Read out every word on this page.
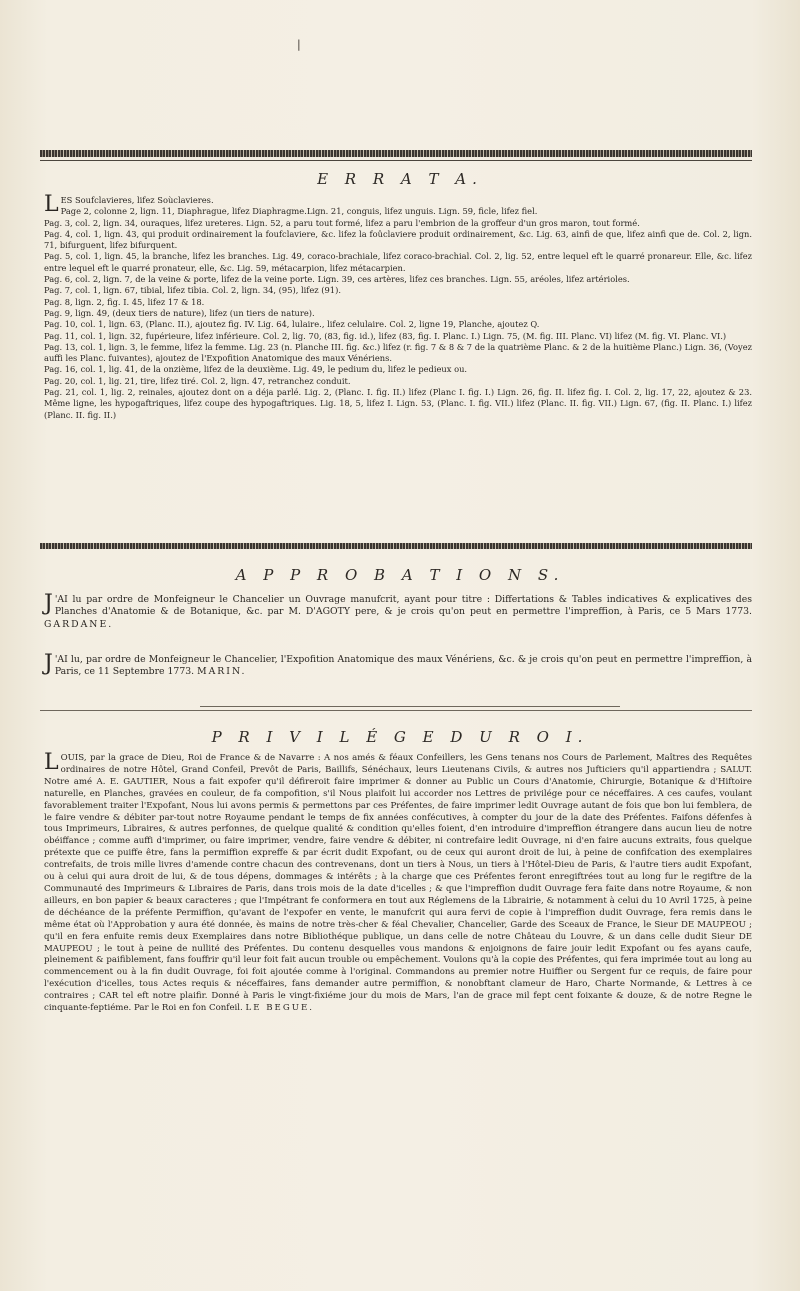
|
E R R A T A.
LES Soufclavieres, lifez Soùclavieres.
Page 2, colonne 2, lign. 11, Diaphrague, lifez Diaphragme.Lign. 21, conguis, lifez unguis. Lign. 59, ficle, lifez fiel.
Pag. 3, col. 2, lign. 34, ouraques, lifez ureteres. Lign. 52, a paru tout formé, lifez a paru l'embrion de la groffeur d'un gros maron, tout formé.
Pag. 4, col. 1, lign. 43, qui produit ordinairement la foufclaviere, &c. lifez la foûclaviere produit ordinairement, &c. Lig. 63, ainfi de que, lifez ainfi que de. Col. 2, lign. 71, bifurguent, lifez bifurquent.
Pag. 5, col. 1, lign. 45, la branche, lifez les branches. Lig. 49, coraco-brachiale, lifez coraco-brachial. Col. 2, lig. 52, entre lequel eft le quarré pronareur. Elle, &c. lifez entre lequel eft le quarré pronateur, elle, &c. Lig. 59, métacarpion, lifez métacarpien.
Pag. 6, col. 2, lign. 7, de la veine & porte, lifez de la veine porte. Lign. 39, ces artères, lifez ces branches. Lign. 55, aréoles, lifez artérioles.
Pag. 7, col. 1, lign. 67, tibial, lifez tibia. Col. 2, lign. 34, (95), lifez (91).
Pag. 8, lign. 2, fig. I. 45, lifez 17 & 18.
Pag. 9, lign. 49, (deux tiers de nature), lifez (un tiers de nature).
Pag. 10, col. 1, lign. 63, (Planc. II.), ajoutez fig. IV. Lig. 64, lulaire., lifez celulaire. Col. 2, ligne 19, Planche, ajoutez Q.
Pag. 11, col. 1, lign. 32, fupérieure, lifez inférieure. Col. 2, lig. 70, (83, fig. id.), lifez (83, fig. I. Planc. I.) Lign. 75, (M. fig. III. Planc. VI) lifez (M. fig. VI. Planc. VI.)
Pag. 13, col. 1, lign. 3, le femme, lifez la femme. Lig. 23 (n. Planche III. fig. &c.) lifez (r. fig. 7 & 8 & 7 de la quatrième Planc. & 2 de la huitième Planc.) Lign. 36, (Voyez auffi les Planc. fuivantes), ajoutez de l'Expofition Anatomique des maux Vénériens.
Pag. 16, col. 1, lig. 41, de la onzième, lifez de la deuxième. Lig. 49, le pedium du, lifez le pedieux ou.
Pag. 20, col. 1, lig. 21, tire, lifez tiré. Col. 2, lign. 47, retranchez conduit.
Pag. 21, col. 1, lig. 2, reinales, ajoutez dont on a déja parlé. Lig. 2, (Planc. I. fig. II.) lifez (Planc I. fig. I.) Lign. 26, fig. II. lifez fig. I. Col. 2, lig. 17, 22, ajoutez & 23. Même ligne, les hypogaftriques, lifez coupe des hypogaftriques. Lig. 18, 5, lifez I. Lign. 53, (Planc. I. fig. VII.) lifez (Planc. II. fig. VII.) Lign. 67, (fig. II. Planc. I.) lifez (Planc. II. fig. II.)
A P P R O B A T I O N S.
J 'AI lu par ordre de Monfeigneur le Chancelier un Ouvrage manufcrit, ayant pour titre : Differtations & Tables indicatives & explicatives des Planches d'Anatomie & de Botanique, &c. par M. D'AGOTY pere, & je crois qu'on peut en permettre l'impreffion, à Paris, ce 5 Mars 1773. GARDANE.
J 'AI lu, par ordre de Monfeigneur le Chancelier, l'Expofition Anatomique des maux Vénériens, &c. & je crois qu'on peut en permettre l'impreffion, à Paris, ce 11 Septembre 1773. MARIN.
P R I V I L É G E D U R O I.
LOUIS, par la grace de Dieu, Roi de France & de Navarre : A nos amés & féaux Confeillers, les Gens tenans nos Cours de Parlement, Maîtres des Requêtes ordinaires de notre Hôtel, Grand Confeil, Prevôt de Paris, Baillifs, Sénéchaux, leurs Lieutenans Civils, & autres nos Jufticiers qu'il appartiendra ; SALUT. Notre amé A. E. GAUTIER, Nous a fait expofer qu'il défireroit faire imprimer & donner au Public un Cours d'Anatomie, Chirurgie, Botanique & d'Hiftoire naturelle, en Planches, gravées en couleur, de fa compofition, s'il Nous plaifoit lui accorder nos Lettres de privilége pour ce néceffaires. A ces caufes, voulant favorablement traiter l'Expofant, Nous lui avons permis & permettons par ces Préfentes, de faire imprimer ledit Ouvrage autant de fois que bon lui femblera, de le faire vendre & débiter par-tout notre Royaume pendant le temps de fix années confécutives, à compter du jour de la date des Préfentes. Faifons défenfes à tous Imprimeurs, Libraires, & autres perfonnes, de quelque qualité & condition qu'elles foient, d'en introduire d'impreffion étrangere dans aucun lieu de notre obéiffance ; comme auffi d'imprimer, ou faire imprimer, vendre, faire vendre & débiter, ni contrefaire ledit Ouvrage, ni d'en faire aucuns extraits, fous quelque prétexte que ce puiffe être, fans la permiffion expreffe & par écrit dudit Expofant, ou de ceux qui auront droit de lui, à peine de confifcation des exemplaires contrefaits, de trois mille livres d'amende contre chacun des contrevenans, dont un tiers à Nous, un tiers à l'Hôtel-Dieu de Paris, & l'autre tiers audit Expofant, ou à celui qui aura droit de lui, & de tous dépens, dommages & intérêts ; à la charge que ces Préfentes feront enregiftrées tout au long fur le regiftre de la Communauté des Imprimeurs & Libraires de Paris, dans trois mois de la date d'icelles ; & que l'impreffion dudit Ouvrage fera faite dans notre Royaume, & non ailleurs, en bon papier & beaux caracteres ; que l'Impétrant fe conformera en tout aux Réglemens de la Librairie, & notamment à celui du 10 Avril 1725, à peine de déchéance de la préfente Permiffion, qu'avant de l'expofer en vente, le manufcrit qui aura fervi de copie à l'impreffion dudit Ouvrage, fera remis dans le même état où l'Approbation y aura été donnée, ès mains de notre très-cher & féal Chevalier, Chancelier, Garde des Sceaux de France, le Sieur DE MAUPEOU ; qu'il en fera enfuite remis deux Exemplaires dans notre Bibliothéque publique, un dans celle de notre Château du Louvre, & un dans celle dudit Sieur DE MAUPEOU ; le tout à peine de nullité des Préfentes. Du contenu desquelles vous mandons & enjoignons de faire jouir ledit Expofant ou fes ayans caufe, pleinement & paifiblement, fans fouffrir qu'il leur foit fait aucun trouble ou empêchement. Voulons qu'à la copie des Préfentes, qui fera imprimée tout au long au commencement ou à la fin dudit Ouvrage, foi foit ajoutée comme à l'original. Commandons au premier notre Huiffier ou Sergent fur ce requis, de faire pour l'exécution d'icelles, tous Actes requis & néceffaires, fans demander autre permiffion, & nonobftant clameur de Haro, Charte Normande, & Lettres à ce contraires ; CAR tel eft notre plaifir. Donné à Paris le vingt-fixiéme jour du mois de Mars, l'an de grace mil fept cent foixante & douze, & de notre Regne le cinquante-feptiéme. Par le Roi en fon Confeil. LE BEGUE.
